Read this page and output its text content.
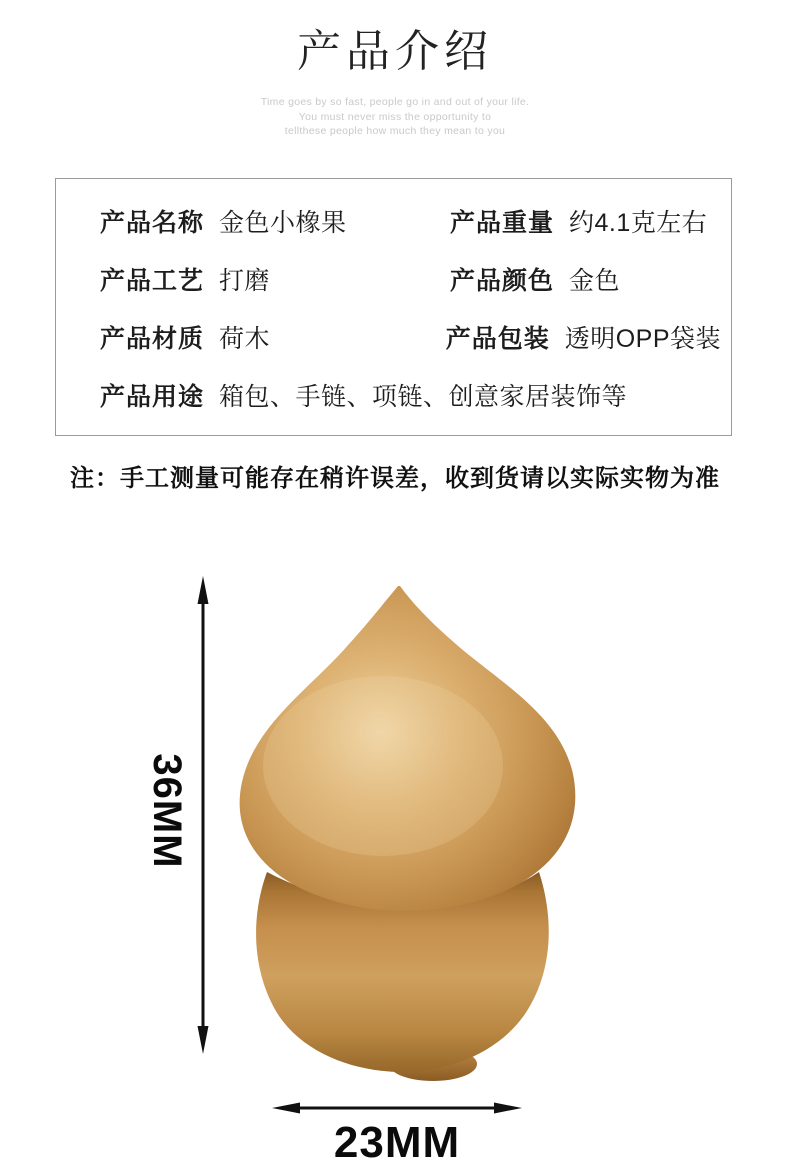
产品介绍
Time goes by so fast, people go in and out of your life.
You must never miss the opportunity to
tellthese people how much they mean to you
产品名称 金色小橡果	产品重量 约4.1克左右
产品工艺 打磨	产品颜色 金色
产品材质 荷木	产品包装 透明OPP袋装
产品用途 箱包、手链、项链、创意家居装饰等
注：手工测量可能存在稍许误差，收到货请以实际实物为准
36MM
23MM
